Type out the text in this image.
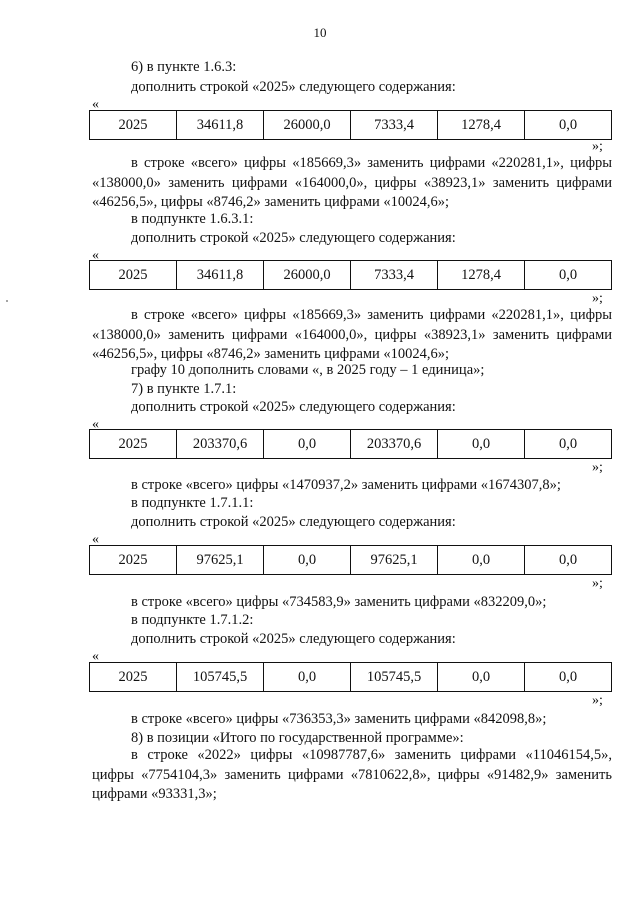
10
6) в пункте 1.6.3:
дополнить строкой «2025» следующего содержания:
«
2025	34611,8	26000,0	7333,4	1278,4	0,0
»;
в строке «всего» цифры «185669,3» заменить цифрами «220281,1», цифры «138000,0» заменить цифрами «164000,0», цифры «38923,1» заменить цифрами «46256,5», цифры «8746,2» заменить цифрами «10024,6»;
в подпункте 1.6.3.1:
дополнить строкой «2025» следующего содержания:
«
2025	34611,8	26000,0	7333,4	1278,4	0,0
»;
в строке «всего» цифры «185669,3» заменить цифрами «220281,1», цифры «138000,0» заменить цифрами «164000,0», цифры «38923,1» заменить цифрами «46256,5», цифры «8746,2» заменить цифрами «10024,6»;
графу 10 дополнить словами «, в 2025 году – 1 единица»;
7) в пункте 1.7.1:
дополнить строкой «2025» следующего содержания:
«
2025	203370,6	0,0	203370,6	0,0	0,0
»;
в строке «всего» цифры «1470937,2» заменить цифрами «1674307,8»;
в подпункте 1.7.1.1:
дополнить строкой «2025» следующего содержания:
«
2025	97625,1	0,0	97625,1	0,0	0,0
»;
в строке «всего» цифры «734583,9» заменить цифрами «832209,0»;
в подпункте 1.7.1.2:
дополнить строкой «2025» следующего содержания:
«
2025	105745,5	0,0	105745,5	0,0	0,0
»;
в строке «всего» цифры «736353,3» заменить цифрами «842098,8»;
8) в позиции «Итого по государственной программе»:
в строке «2022» цифры «10987787,6» заменить цифрами «11046154,5», цифры «7754104,3» заменить цифрами «7810622,8», цифры «91482,9» заменить цифрами «93331,3»;
